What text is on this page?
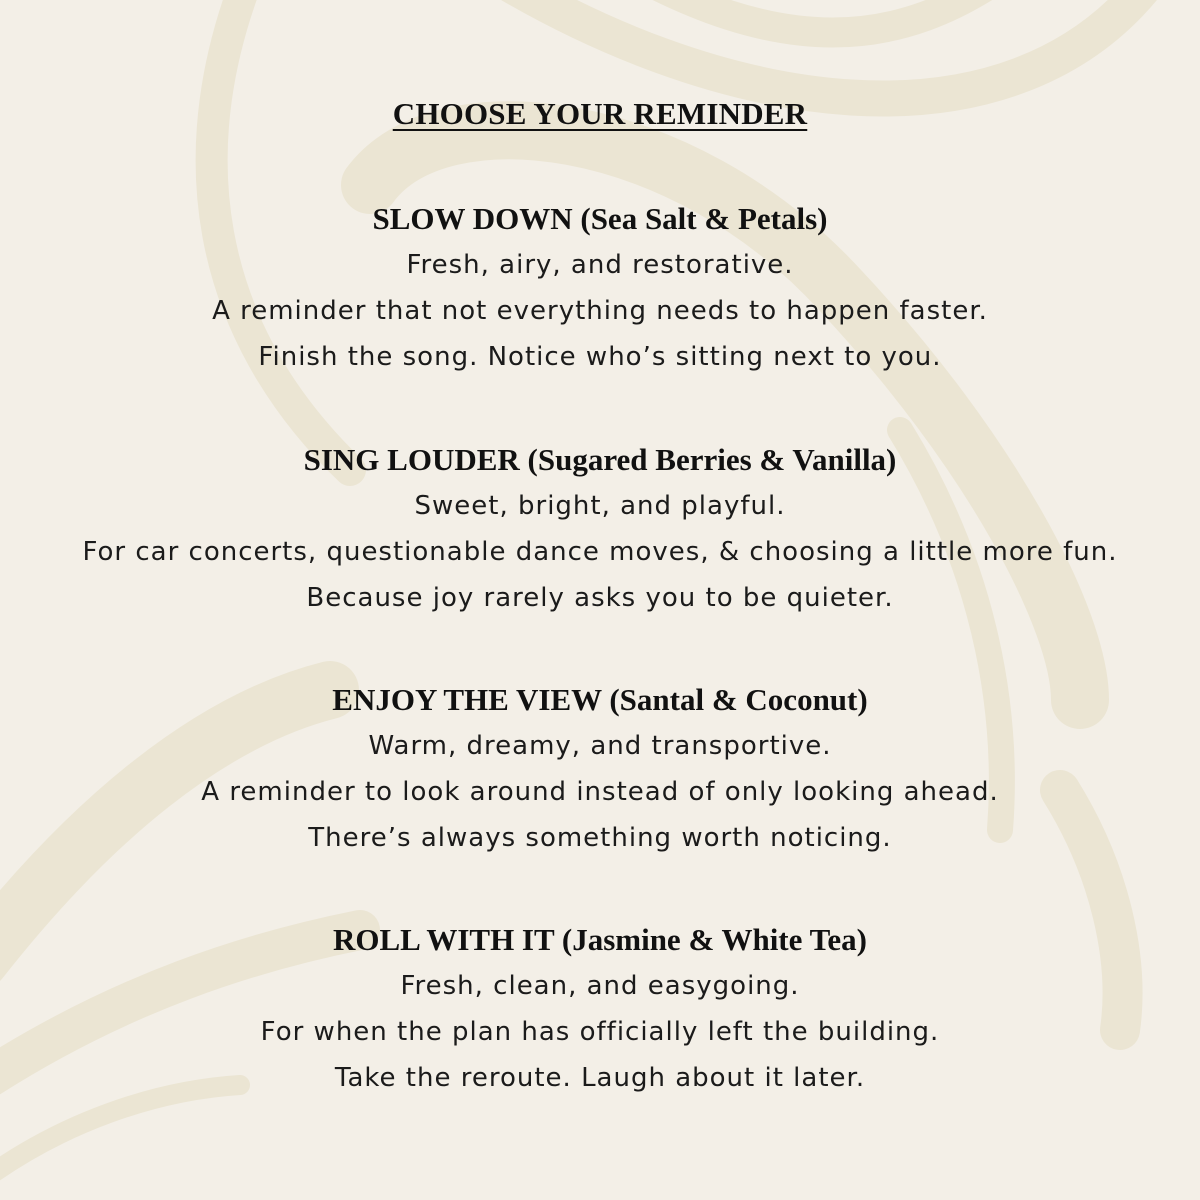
CHOOSE YOUR REMINDER
SLOW DOWN (Sea Salt & Petals)
Fresh, airy, and restorative.
A reminder that not everything needs to happen faster.
Finish the song. Notice who’s sitting next to you.
SING LOUDER (Sugared Berries & Vanilla)
Sweet, bright, and playful.
For car concerts, questionable dance moves, & choosing a little more fun.
Because joy rarely asks you to be quieter.
ENJOY THE VIEW (Santal & Coconut)
Warm, dreamy, and transportive.
A reminder to look around instead of only looking ahead.
There’s always something worth noticing.
ROLL WITH IT (Jasmine & White Tea)
Fresh, clean, and easygoing.
For when the plan has officially left the building.
Take the reroute. Laugh about it later.
